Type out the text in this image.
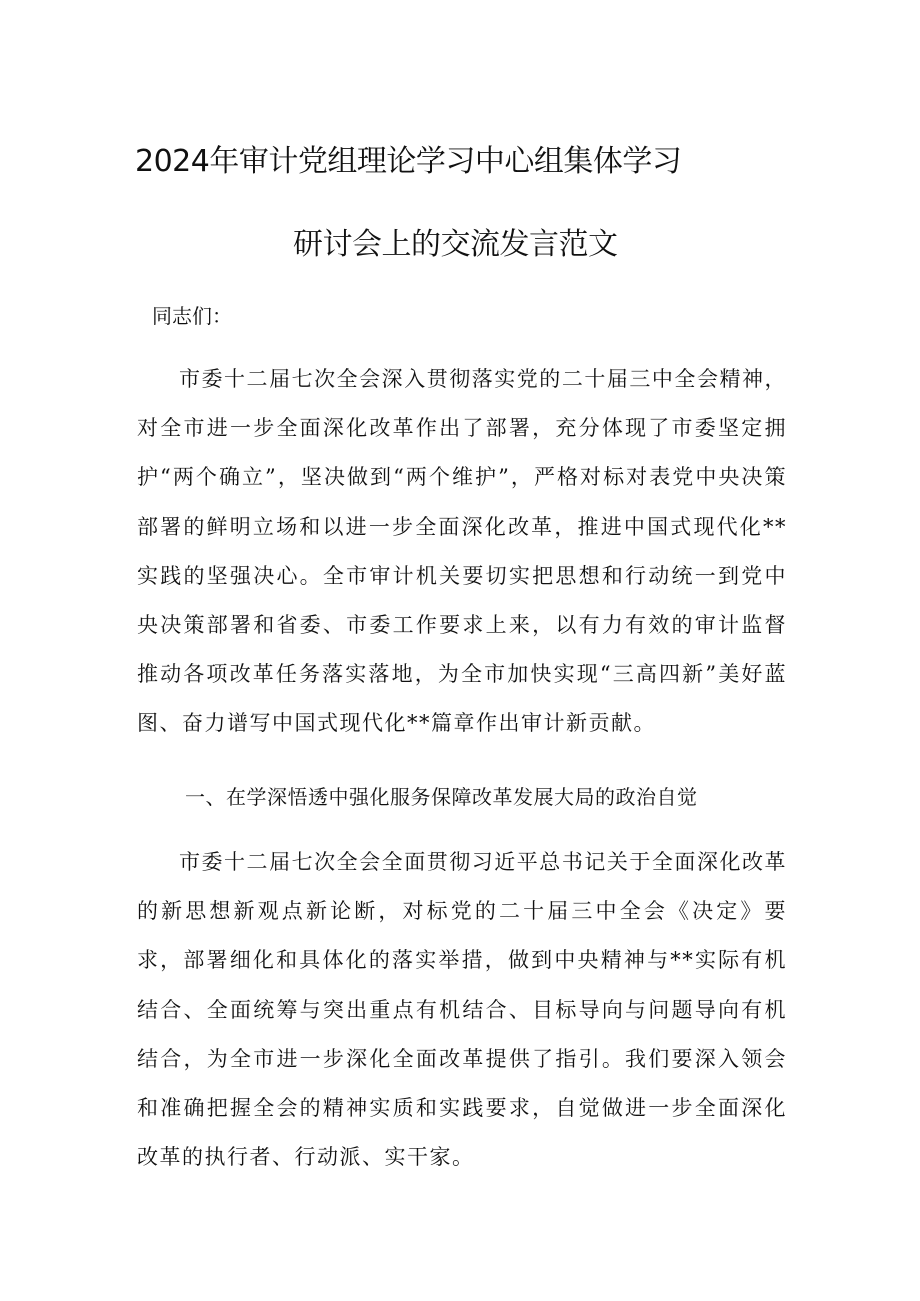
2024年审计党组理论学习中心组集体学习
研讨会上的交流发言范文
同志们：

市委十二届七次全会深入贯彻落实党的二十届三中全会精神，对全市进一步全面深化改革作出了部署，充分体现了市委坚定拥护“两个确立”，坚决做到“两个维护”，严格对标对表党中央决策部署的鲜明立场和以进一步全面深化改革，推进中国式现代化**实践的坚强决心。全市审计机关要切实把思想和行动统一到党中央决策部署和省委、市委工作要求上来，以有力有效的审计监督推动各项改革任务落实落地，为全市加快实现“三高四新”美好蓝图、奋力谱写中国式现代化**篇章作出审计新贡献。

一、在学深悟透中强化服务保障改革发展大局的政治自觉

市委十二届七次全会全面贯彻习近平总书记关于全面深化改革的新思想新观点新论断，对标党的二十届三中全会《决定》要求，部署细化和具体化的落实举措，做到中央精神与**实际有机结合、全面统筹与突出重点有机结合、目标导向与问题导向有机结合，为全市进一步深化全面改革提供了指引。我们要深入领会和准确把握全会的精神实质和实践要求，自觉做进一步全面深化改革的执行者、行动派、实干家。
